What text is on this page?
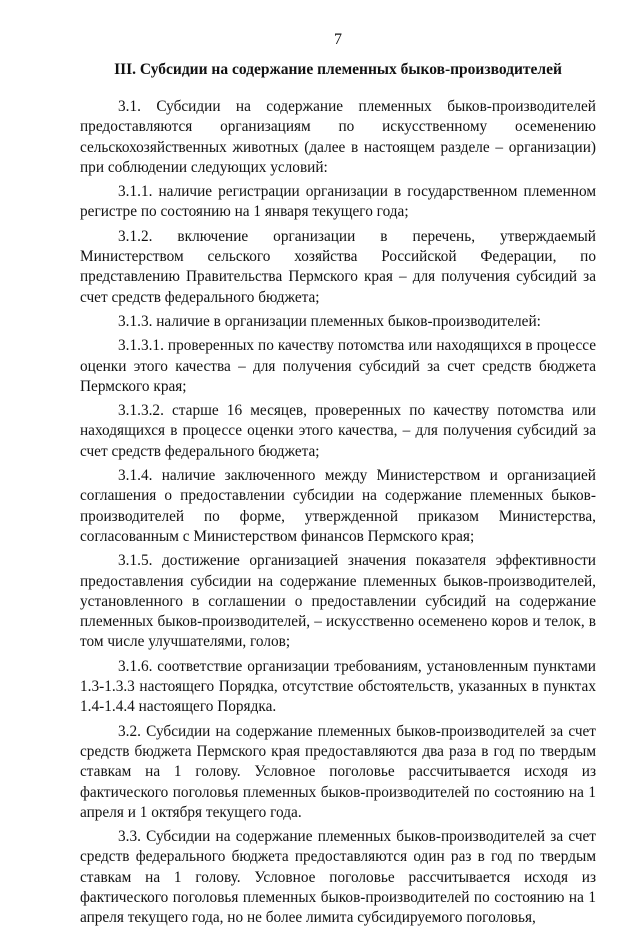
7
III. Субсидии на содержание племенных быков-производителей

3.1. Субсидии на содержание племенных быков-производителей предоставляются организациям по искусственному осеменению сельскохозяйственных животных (далее в настоящем разделе – организации) при соблюдении следующих условий:

3.1.1. наличие регистрации организации в государственном племенном регистре по состоянию на 1 января текущего года;

3.1.2. включение организации в перечень, утверждаемый Министерством сельского хозяйства Российской Федерации, по представлению Правительства Пермского края – для получения субсидий за счет средств федерального бюджета;

3.1.3. наличие в организации племенных быков-производителей:

3.1.3.1. проверенных по качеству потомства или находящихся в процессе оценки этого качества – для получения субсидий за счет средств бюджета Пермского края;

3.1.3.2. старше 16 месяцев, проверенных по качеству потомства или находящихся в процессе оценки этого качества, – для получения субсидий за счет средств федерального бюджета;

3.1.4. наличие заключенного между Министерством и организацией соглашения о предоставлении субсидии на содержание племенных быков-производителей по форме, утвержденной приказом Министерства, согласованным с Министерством финансов Пермского края;

3.1.5. достижение организацией значения показателя эффективности предоставления субсидии на содержание племенных быков-производителей, установленного в соглашении о предоставлении субсидий на содержание племенных быков-производителей, – искусственно осеменено коров и телок, в том числе улучшателями, голов;

3.1.6. соответствие организации требованиям, установленным пунктами 1.3-1.3.3 настоящего Порядка, отсутствие обстоятельств, указанных в пунктах 1.4-1.4.4 настоящего Порядка.

3.2. Субсидии на содержание племенных быков-производителей за счет средств бюджета Пермского края предоставляются два раза в год по твердым ставкам на 1 голову. Условное поголовье рассчитывается исходя из фактического поголовья племенных быков-производителей по состоянию на 1 апреля и 1 октября текущего года.

3.3. Субсидии на содержание племенных быков-производителей за счет средств федерального бюджета предоставляются один раз в год по твердым ставкам на 1 голову. Условное поголовье рассчитывается исходя из фактического поголовья племенных быков-производителей по состоянию на 1 апреля текущего года, но не более лимита субсидируемого поголовья,
